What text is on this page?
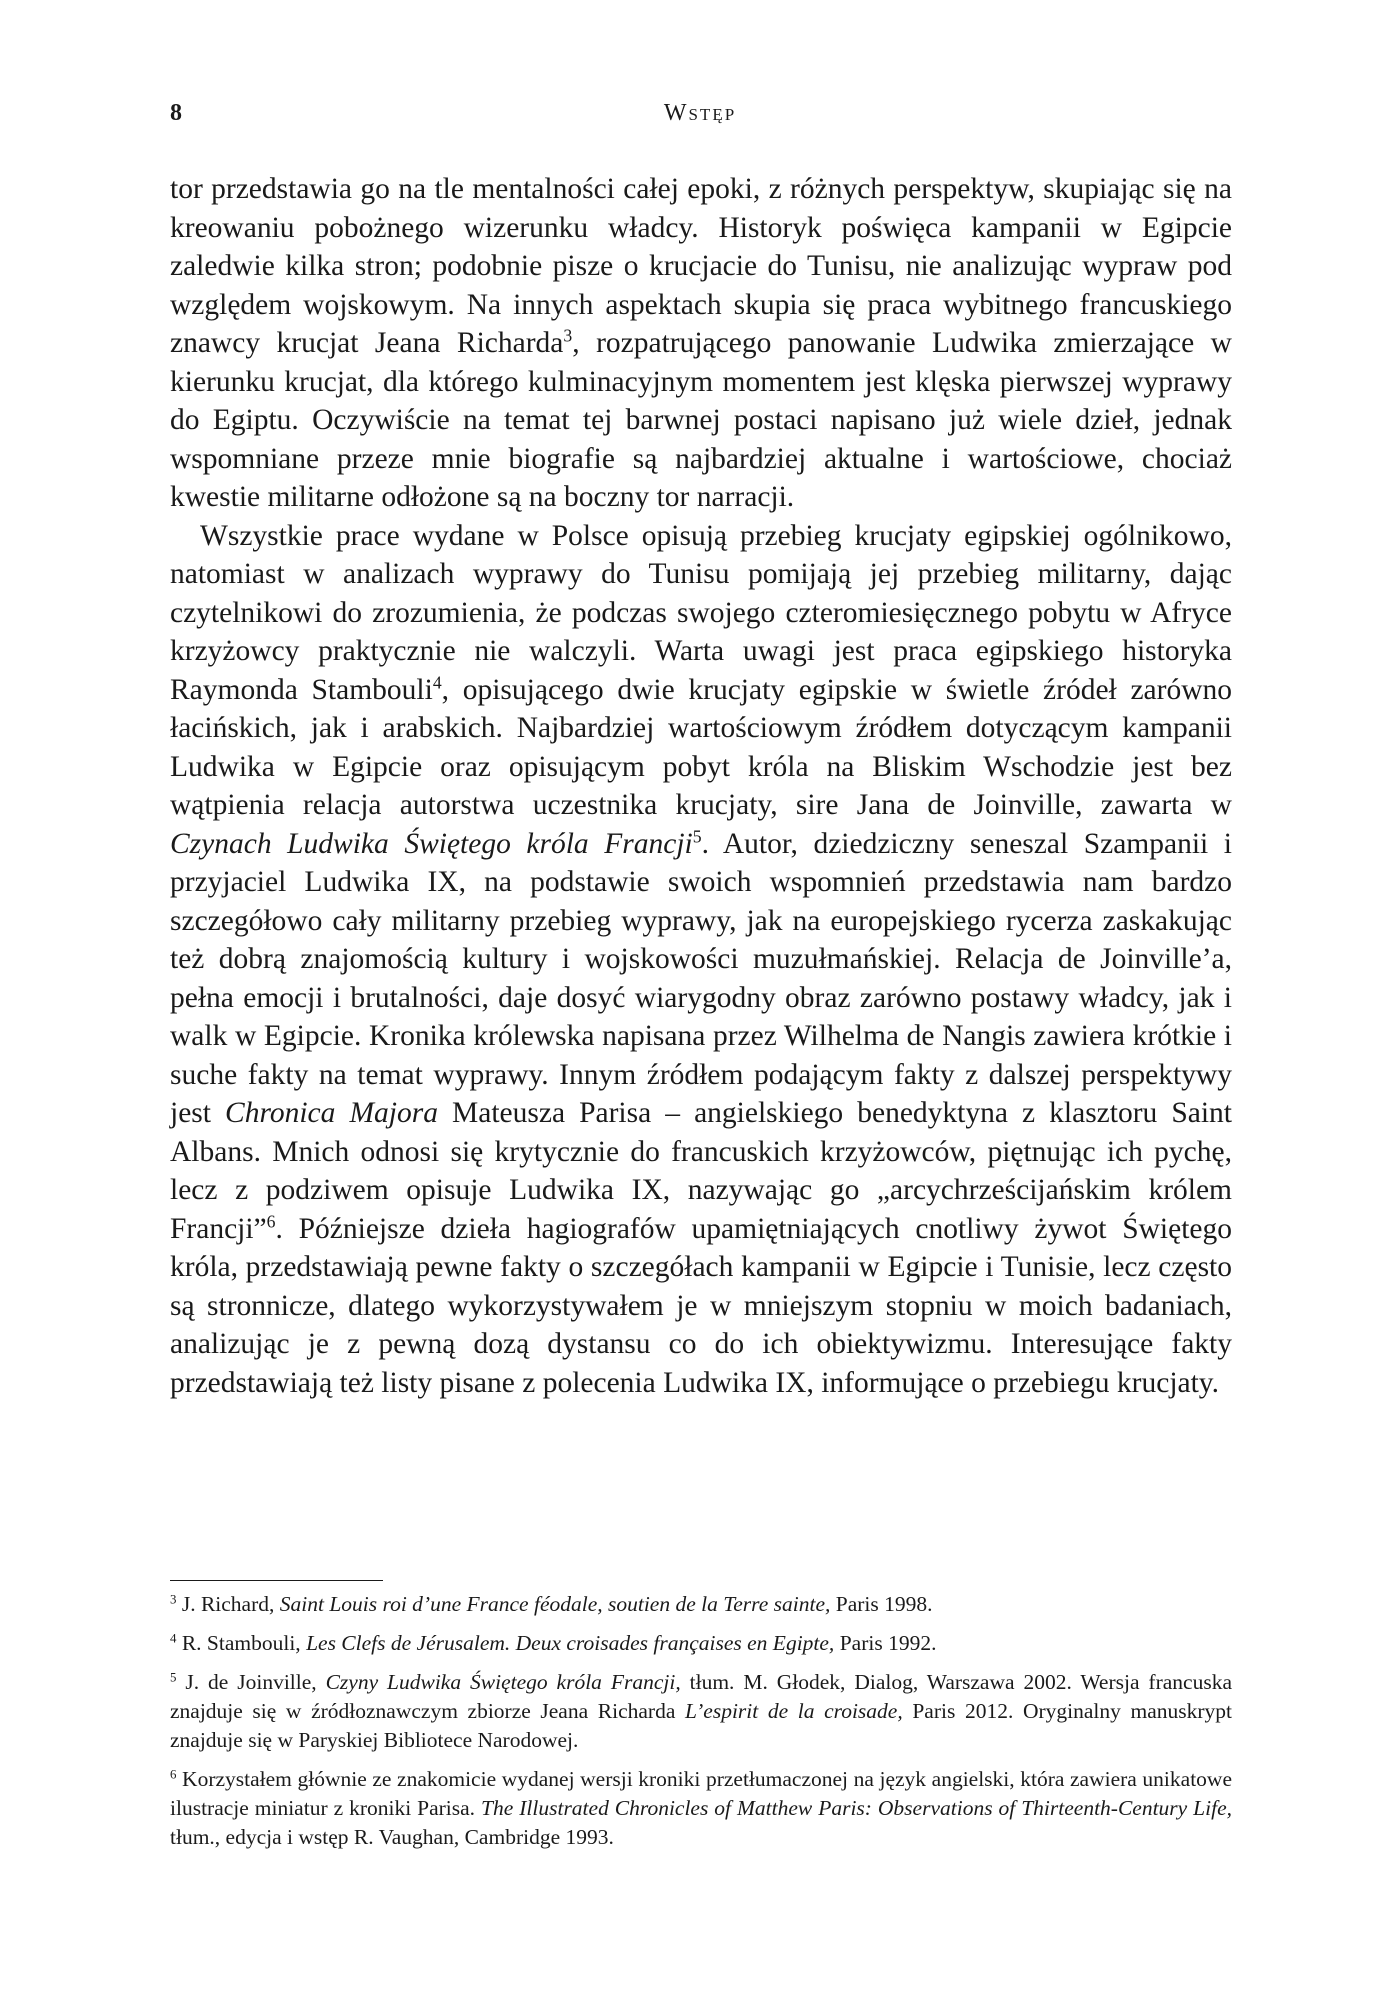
8	Wstęp

tor przedstawia go na tle mentalności całej epoki, z różnych perspektyw, skupiając się na kreowaniu pobożnego wizerunku władcy. Historyk poświęca kampanii w Egipcie zaledwie kilka stron; podobnie pisze o krucjacie do Tunisu, nie analizując wypraw pod względem wojskowym. Na innych aspektach skupia się praca wybitnego francuskiego znawcy krucjat Jeana Richarda$^3$, rozpatrującego panowanie Ludwika zmierzające w kierunku krucjat, dla którego kulminacyjnym momentem jest klęska pierwszej wyprawy do Egiptu. Oczywiście na temat tej barwnej postaci napisano już wiele dzieł, jednak wspomniane przeze mnie biografie są najbardziej aktualne i wartościowe, chociaż kwestie militarne odłożone są na boczny tor narracji.

Wszystkie prace wydane w Polsce opisują przebieg krucjaty egipskiej ogólnikowo, natomiast w analizach wyprawy do Tunisu pomijają jej przebieg militarny, dając czytelnikowi do zrozumienia, że podczas swojego czteromiesięcznego pobytu w Afryce krzyżowcy praktycznie nie walczyli. Warta uwagi jest praca egipskiego historyka Raymonda Stambouli$^4$, opisującego dwie krucjaty egipskie w świetle źródeł zarówno łacińskich, jak i arabskich. Najbardziej wartościowym źródłem dotyczącym kampanii Ludwika w Egipcie oraz opisującym pobyt króla na Bliskim Wschodzie jest bez wątpienia relacja autorstwa uczestnika krucjaty, sire Jana de Joinville, zawarta w Czynach Ludwika Świętego króla Francji$^5$. Autor, dziedziczny seneszal Szampanii i przyjaciel Ludwika IX, na podstawie swoich wspomnień przedstawia nam bardzo szczegółowo cały militarny przebieg wyprawy, jak na europejskiego rycerza zaskakując też dobrą znajomością kultury i wojskowości muzułmańskiej. Relacja de Joinville’a, pełna emocji i brutalności, daje dosyć wiarygodny obraz zarówno postawy władcy, jak i walk w Egipcie. Kronika królewska napisana przez Wilhelma de Nangis zawiera krótkie i suche fakty na temat wyprawy. Innym źródłem podającym fakty z dalszej perspektywy jest Chronica Majora Mateusza Parisa – angielskiego benedyktyna z klasztoru Saint Albans. Mnich odnosi się krytycznie do francuskich krzyżowców, piętnując ich pychę, lecz z podziwem opisuje Ludwika IX, nazywając go „arcychrześcijańskim królem Francji”$^6$. Późniejsze dzieła hagiografów upamiętniających cnotliwy żywot Świętego króla, przedstawiają pewne fakty o szczegółach kampanii w Egipcie i Tunisie, lecz często są stronnicze, dlatego wykorzystywałem je w mniejszym stopniu w moich badaniach, analizując je z pewną dozą dystansu co do ich obiektywizmu. Interesujące fakty przedstawiają też listy pisane z polecenia Ludwika IX, informujące o przebiegu krucjaty.

$^3$ J. Richard, Saint Louis roi d’une France féodale, soutien de la Terre sainte, Paris 1998.

$^4$ R. Stambouli, Les Clefs de Jérusalem. Deux croisades françaises en Egipte, Paris 1992.

$^5$ J. de Joinville, Czyny Ludwika Świętego króla Francji, tłum. M. Głodek, Dialog, Warszawa 2002. Wersja francuska znajduje się w źródłoznawczym zbiorze Jeana Richarda L’espirit de la croisade, Paris 2012. Oryginalny manuskrypt znajduje się w Paryskiej Bibliotece Narodowej.

$^6$ Korzystałem głównie ze znakomicie wydanej wersji kroniki przetłumaczonej na język angielski, która zawiera unikatowe ilustracje miniatur z kroniki Parisa. The Illustrated Chronicles of Matthew Paris: Observations of Thirteenth-Century Life, tłum., edycja i wstęp R. Vaughan, Cambridge 1993.
